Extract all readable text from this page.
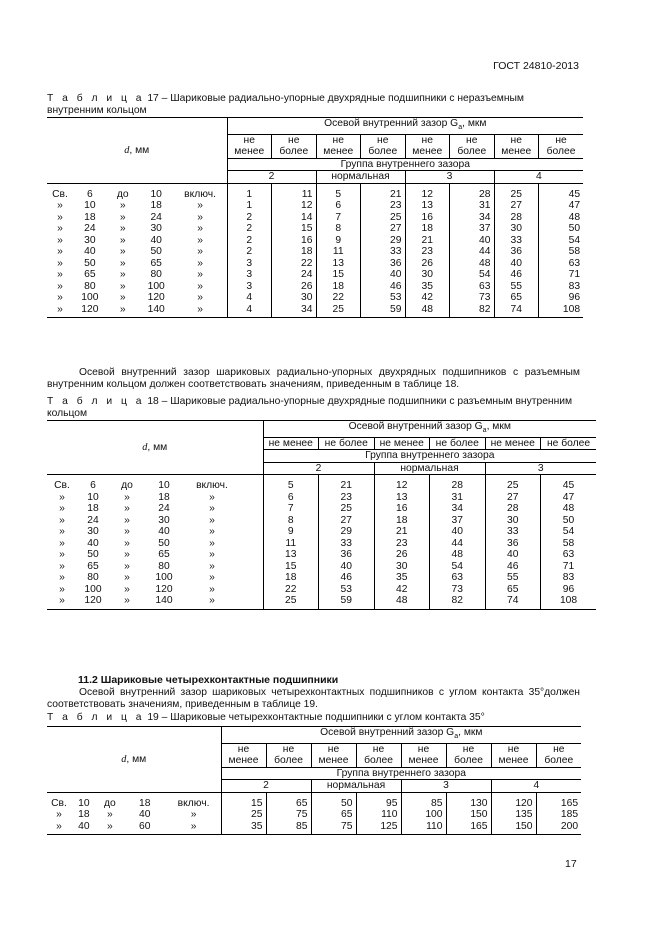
ГОСТ 24810-2013
Т а б л и ц а 17 – Шариковые радиально-упорные двухрядные подшипники с неразъемным внутренним кольцом
d, мм	Осевой внутренний зазор $G_a$, мкм							
	не менее	не более	не менее	не более	не менее	не более	не менее	не более
	Группа внутреннего зазора							
	2		нормальная		3		4	

Св. 6 до 10 включ.	1	11	5	21	12	28	25	45

» 10 » 18 »	1	12	6	23	13	31	27	47

» 18 » 24 »	2	14	7	25	16	34	28	48

» 24 » 30 »	2	15	8	27	18	37	30	50

» 30 » 40 »	2	16	9	29	21	40	33	54

» 40 » 50 »	2	18	11	33	23	44	36	58

» 50 » 65 »	3	22	13	36	26	48	40	63

» 65 » 80 »	3	24	15	40	30	54	46	71

» 80 » 100 »	3	26	18	46	35	63	55	83

» 100 » 120 »	4	30	22	53	42	73	65	96

» 120 » 140 »	4	34	25	59	48	82	74	108
Осевой внутренний зазор шариковых радиально-упорных двухрядных подшипников с разъемным внутренним кольцом должен соответствовать значениям, приведенным в таблице 18.
Т а б л и ц а 18 – Шариковые радиально-упорные двухрядные подшипники с разъемным внутренним кольцом
d, мм	Осевой внутренний зазор $G_a$, мкм					
	не менее	не более	не менее	не более	не менее	не более
	Группа внутреннего зазора					
	2		нормальная		3	

Св. 6 до 10 включ.	5	21	12	28	25	45

» 10 » 18 »	6	23	13	31	27	47

» 18 » 24 »	7	25	16	34	28	48

» 24 » 30 »	8	27	18	37	30	50

» 30 » 40 »	9	29	21	40	33	54

» 40 » 50 »	11	33	23	44	36	58

» 50 » 65 »	13	36	26	48	40	63

» 65 » 80 »	15	40	30	54	46	71

» 80 » 100 »	18	46	35	63	55	83

» 100 » 120 »	22	53	42	73	65	96

» 120 » 140 »	25	59	48	82	74	108
11.2 Шариковые четырехконтактные подшипники
Осевой внутренний зазор шариковых четырехконтактных подшипников с углом контакта 35°должен соответствовать значениям, приведенным в таблице 19.
Т а б л и ц а 19 – Шариковые четырехконтактные подшипники с углом контакта 35°
d, мм	Осевой внутренний зазор $G_a$, мкм							
	не менее	не более	не менее	не более	не менее	не более	не менее	не более
	Группа внутреннего зазора							
	2		нормальная		3		4	

Св. 10 до 18 включ.	15	65	50	95	85	130	120	165

» 18 » 40 »	25	75	65	110	100	150	135	185

» 40 » 60 »	35	85	75	125	110	165	150	200
17
